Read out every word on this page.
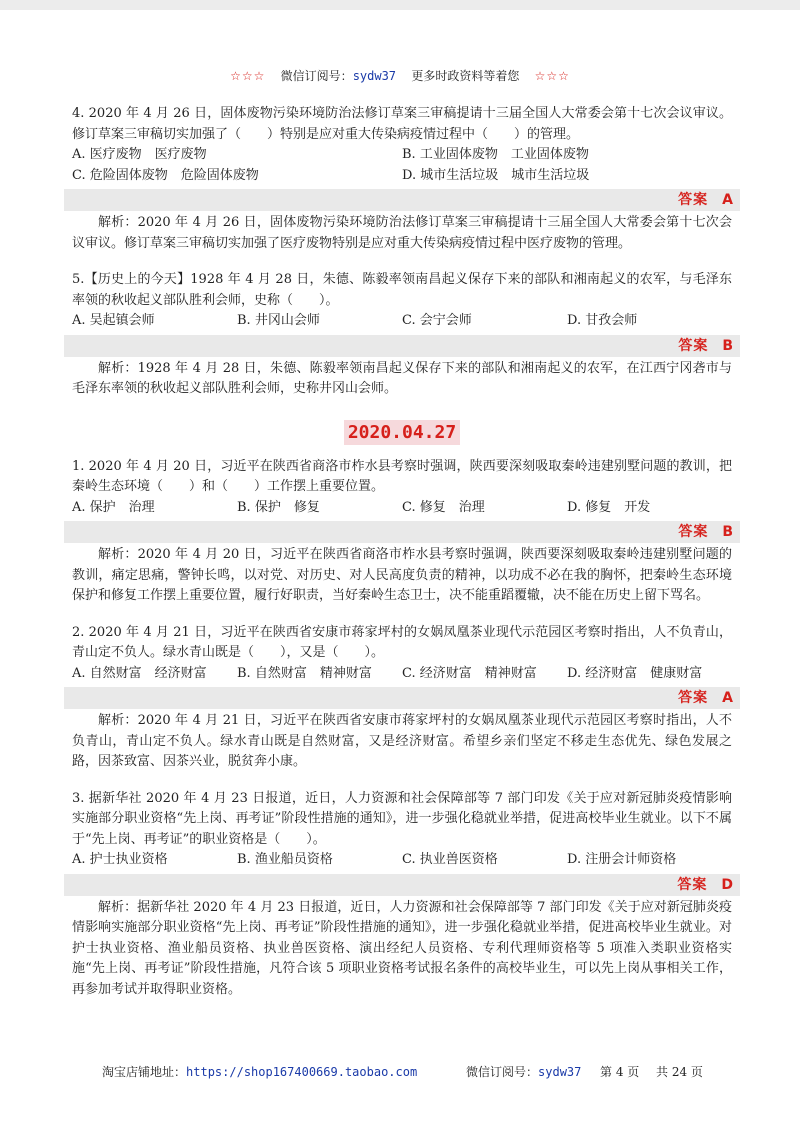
☆☆☆ 微信订阅号：sydw37 更多时政资料等着您 ☆☆☆

4. 2020 年 4 月 26 日，固体废物污染环境防治法修订草案三审稿提请十三届全国人大常委会第十七次会议审议。修订草案三审稿切实加强了（　　）特别是应对重大传染病疫情过程中（　　）的管理。

A. 医疗废物　医疗废物	B. 工业固体废物　工业固体废物
C. 危险固体废物　危险固体废物	D. 城市生活垃圾　城市生活垃圾
答案 A

解析：2020 年 4 月 26 日，固体废物污染环境防治法修订草案三审稿提请十三届全国人大常委会第十七次会议审议。修订草案三审稿切实加强了医疗废物特别是应对重大传染病疫情过程中医疗废物的管理。

5.【历史上的今天】1928 年 4 月 28 日，朱德、陈毅率领南昌起义保存下来的部队和湘南起义的农军，与毛泽东率领的秋收起义部队胜利会师，史称（　　）。

A. 吴起镇会师	B. 井冈山会师	C. 会宁会师	D. 甘孜会师
答案 B

解析：1928 年 4 月 28 日，朱德、陈毅率领南昌起义保存下来的部队和湘南起义的农军，在江西宁冈砻市与毛泽东率领的秋收起义部队胜利会师，史称井冈山会师。

2020.04.27

1. 2020 年 4 月 20 日，习近平在陕西省商洛市柞水县考察时强调，陕西要深刻吸取秦岭违建别墅问题的教训，把秦岭生态环境（　　）和（　　）工作摆上重要位置。

A. 保护　治理	B. 保护　修复	C. 修复　治理	D. 修复　开发
答案 B

解析：2020 年 4 月 20 日，习近平在陕西省商洛市柞水县考察时强调，陕西要深刻吸取秦岭违建别墅问题的教训，痛定思痛，警钟长鸣，以对党、对历史、对人民高度负责的精神，以功成不必在我的胸怀，把秦岭生态环境保护和修复工作摆上重要位置，履行好职责，当好秦岭生态卫士，决不能重蹈覆辙，决不能在历史上留下骂名。

2. 2020 年 4 月 21 日，习近平在陕西省安康市蒋家坪村的女娲凤凰茶业现代示范园区考察时指出，人不负青山，青山定不负人。绿水青山既是（　　），又是（　　）。

A. 自然财富　经济财富	B. 自然财富　精神财富	C. 经济财富　精神财富	D. 经济财富　健康财富
答案 A

解析：2020 年 4 月 21 日，习近平在陕西省安康市蒋家坪村的女娲凤凰茶业现代示范园区考察时指出，人不负青山，青山定不负人。绿水青山既是自然财富，又是经济财富。希望乡亲们坚定不移走生态优先、绿色发展之路，因茶致富、因茶兴业，脱贫奔小康。

3. 据新华社 2020 年 4 月 23 日报道，近日，人力资源和社会保障部等 7 部门印发《关于应对新冠肺炎疫情影响实施部分职业资格“先上岗、再考证”阶段性措施的通知》，进一步强化稳就业举措，促进高校毕业生就业。以下不属于“先上岗、再考证”的职业资格是（　　）。

A. 护士执业资格	B. 渔业船员资格	C. 执业兽医资格	D. 注册会计师资格
答案 D

解析：据新华社 2020 年 4 月 23 日报道，近日，人力资源和社会保障部等 7 部门印发《关于应对新冠肺炎疫情影响实施部分职业资格“先上岗、再考证”阶段性措施的通知》，进一步强化稳就业举措，促进高校毕业生就业。对护士执业资格、渔业船员资格、执业兽医资格、演出经纪人员资格、专利代理师资格等 5 项准入类职业资格实施“先上岗、再考证”阶段性措施，凡符合该 5 项职业资格考试报名条件的高校毕业生，可以先上岗从事相关工作，再参加考试并取得职业资格。

淘宝店铺地址：https://shop167400669.taobao.com	微信订阅号：sydw37 第 4 页 共 24 页
